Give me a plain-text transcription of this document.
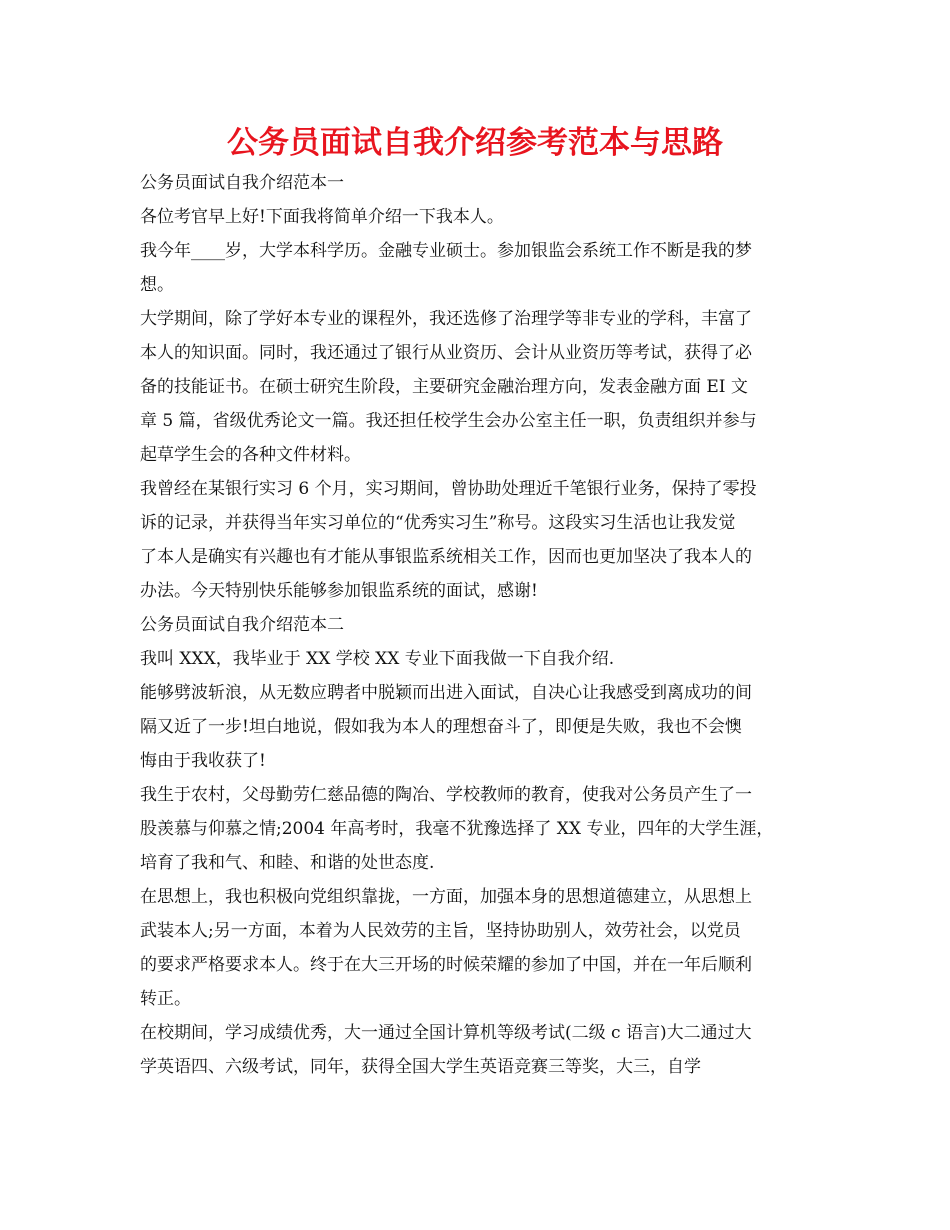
公务员面试自我介绍参考范本与思路
公务员面试自我介绍范本一
各位考官早上好!下面我将简单介绍一下我本人。
我今年____岁，大学本科学历。金融专业硕士。参加银监会系统工作不断是我的梦
想。
大学期间，除了学好本专业的课程外，我还选修了治理学等非专业的学科，丰富了
本人的知识面。同时，我还通过了银行从业资历、会计从业资历等考试，获得了必
备的技能证书。在硕士研究生阶段，主要研究金融治理方向，发表金融方面 EI 文
章 5 篇，省级优秀论文一篇。我还担任校学生会办公室主任一职，负责组织并参与
起草学生会的各种文件材料。
我曾经在某银行实习 6 个月，实习期间，曾协助处理近千笔银行业务，保持了零投
诉的记录，并获得当年实习单位的“优秀实习生”称号。这段实习生活也让我发觉
了本人是确实有兴趣也有才能从事银监系统相关工作，因而也更加坚决了我本人的
办法。今天特别快乐能够参加银监系统的面试，感谢!
公务员面试自我介绍范本二
我叫 XXX，我毕业于 XX 学校 XX 专业下面我做一下自我介绍.
能够劈波斩浪，从无数应聘者中脱颖而出进入面试，自决心让我感受到离成功的间
隔又近了一步!坦白地说，假如我为本人的理想奋斗了，即便是失败，我也不会懊
悔由于我收获了!
我生于农村，父母勤劳仁慈品德的陶冶、学校教师的教育，使我对公务员产生了一
股羡慕与仰慕之情;2004 年高考时，我毫不犹豫选择了 XX 专业，四年的大学生涯，
培育了我和气、和睦、和谐的处世态度.
在思想上，我也积极向党组织靠拢，一方面，加强本身的思想道德建立，从思想上
武装本人;另一方面，本着为人民效劳的主旨，坚持协助别人，效劳社会，以党员
的要求严格要求本人。终于在大三开场的时候荣耀的参加了中国，并在一年后顺利
转正。
在校期间，学习成绩优秀，大一通过全国计算机等级考试(二级 c 语言)大二通过大
学英语四、六级考试，同年，获得全国大学生英语竞赛三等奖，大三，自学
